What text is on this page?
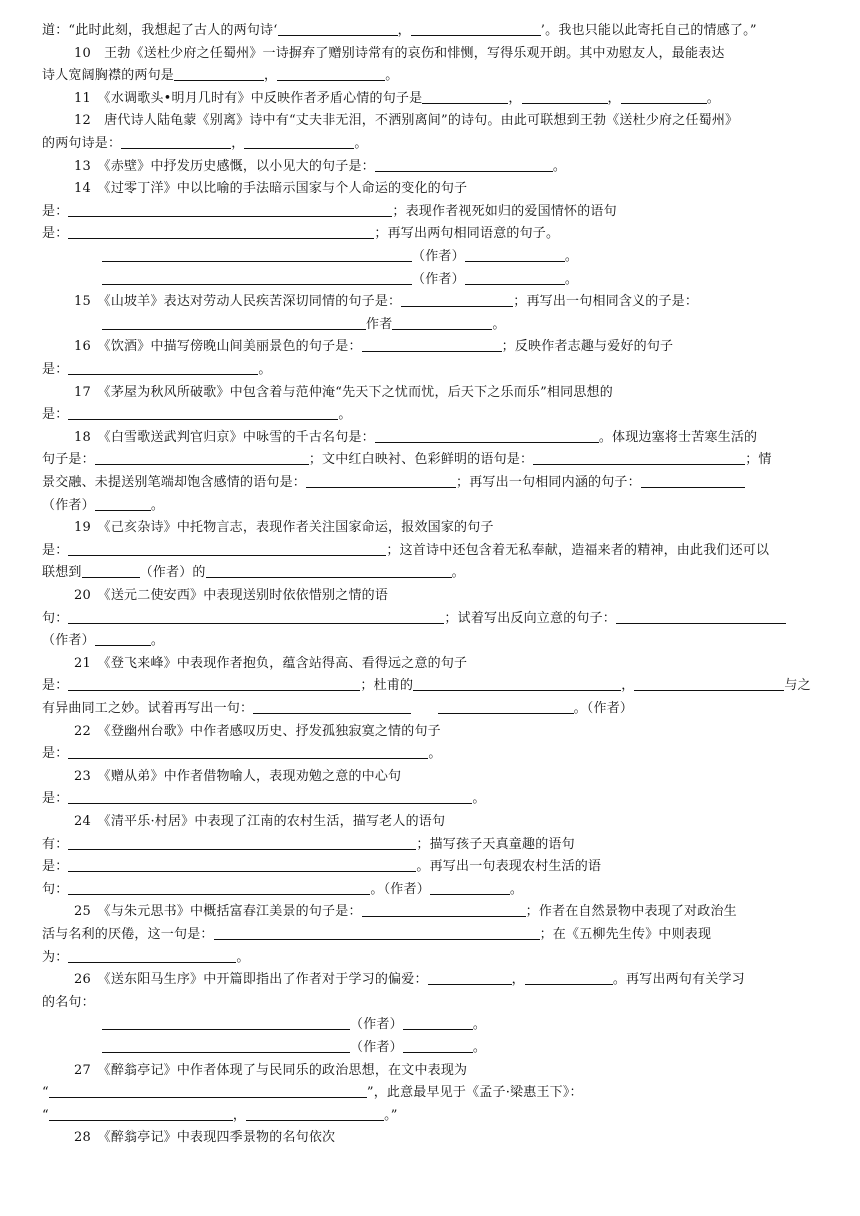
道：“此时此刻，我想起了古人的两句诗‘	，	’。我也只能以此寄托自己的情感了。”
10　王勃《送杜少府之任蜀州》一诗摒弃了赠别诗常有的哀伤和悱恻，写得乐观开朗。其中劝慰友人，最能表达
诗人宽阔胸襟的两句是	，	。
11　《水调歌头•明月几时有》中反映作者矛盾心情的句子是	，	，	。
12　唐代诗人陆龟蒙《别离》诗中有“丈夫非无泪，不洒别离间”的诗句。由此可联想到王勃《送杜少府之任蜀州》
的两句诗是：	，	。
13　《赤壁》中抒发历史感慨，以小见大的句子是：	。
14　《过零丁洋》中以比喻的手法暗示国家与个人命运的变化的句子
是：	；表现作者视死如归的爱国情怀的语句
是：	；再写出两句相同语意的句子。
（作者）	。
（作者）	。
15　《山坡羊》表达对劳动人民疾苦深切同情的句子是：	；再写出一句相同含义的子是：
作者	。
16　《饮酒》中描写傍晚山间美丽景色的句子是：	；反映作者志趣与爱好的句子
是：	。
17　《茅屋为秋风所破歌》中包含着与范仲淹“先天下之忧而忧，后天下之乐而乐”相同思想的
是：	。
18　《白雪歌送武判官归京》中咏雪的千古名句是：	。体现边塞将士苦寒生活的
句子是：	；文中红白映衬、色彩鲜明的语句是：	；情
景交融、未提送别笔端却饱含感情的语句是：	；再写出一句相同内涵的句子：
（作者）	。
19　《己亥杂诗》中托物言志，表现作者关注国家命运，报效国家的句子
是：	；这首诗中还包含着无私奉献，造福来者的精神，由此我们还可以
联想到	（作者）的	。
20　《送元二使安西》中表现送别时依依惜别之情的语
句：	；试着写出反向立意的句子：
（作者）	。
21　《登飞来峰》中表现作者抱负，蕴含站得高、看得远之意的句子
是：	；杜甫的	，	与之
有异曲同工之妙。试着再写出一句：　　	。（作者）
22　《登幽州台歌》中作者感叹历史、抒发孤独寂寞之情的句子
是：	。
23　《赠从弟》中作者借物喻人，表现劝勉之意的中心句
是：	。
24　《清平乐·村居》中表现了江南的农村生活，描写老人的语句
有：	；描写孩子天真童趣的语句
是：	。再写出一句表现农村生活的语
句：	。（作者）	。
25　《与朱元思书》中概括富春江美景的句子是：	；作者在自然景物中表现了对政治生
活与名利的厌倦，这一句是：	；在《五柳先生传》中则表现
为：	。
26　《送东阳马生序》中开篇即指出了作者对于学习的偏爱：	，	。再写出两句有关学习
的名句：
（作者）	。
（作者）	。
27　《醉翁亭记》中作者体现了与民同乐的政治思想，在文中表现为
“	”，此意最早见于《孟子·梁惠王下》：
“	，	。”
28　《醉翁亭记》中表现四季景物的名句依次
